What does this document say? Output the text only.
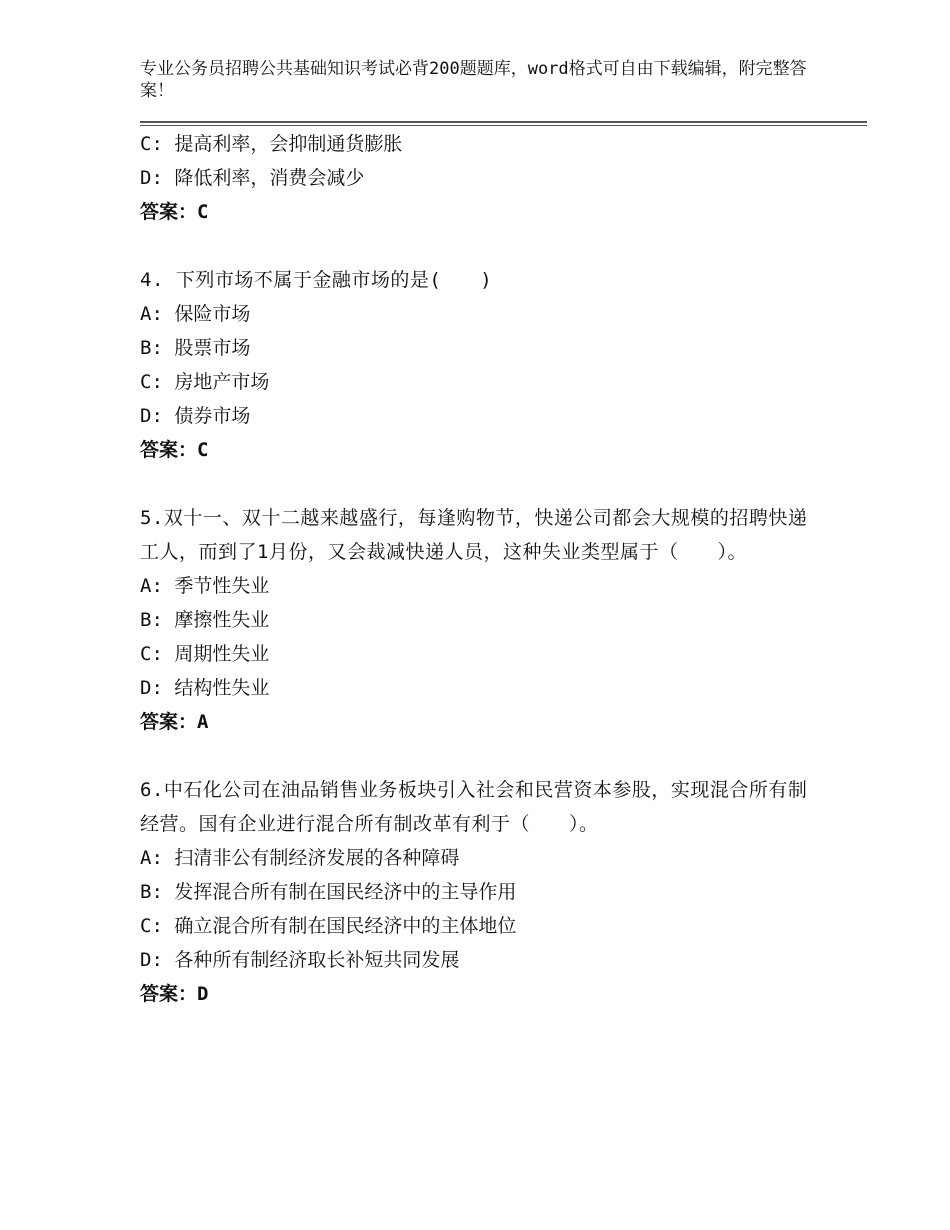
专业公务员招聘公共基础知识考试必背200题题库，word格式可自由下载编辑，附完整答案！

C: 提高利率，会抑制通货膨胀

D: 降低利率，消费会减少

答案：C

4. 下列市场不属于金融市场的是(　　)

A: 保险市场

B: 股票市场

C: 房地产市场

D: 债券市场

答案：C

5.双十一、双十二越来越盛行，每逢购物节，快递公司都会大规模的招聘快递工人，而到了1月份，又会裁减快递人员，这种失业类型属于（　　）。

A: 季节性失业

B: 摩擦性失业

C: 周期性失业

D: 结构性失业

答案：A

6.中石化公司在油品销售业务板块引入社会和民营资本参股，实现混合所有制经营。国有企业进行混合所有制改革有利于（　　）。

A: 扫清非公有制经济发展的各种障碍

B: 发挥混合所有制在国民经济中的主导作用

C: 确立混合所有制在国民经济中的主体地位

D: 各种所有制经济取长补短共同发展

答案：D
